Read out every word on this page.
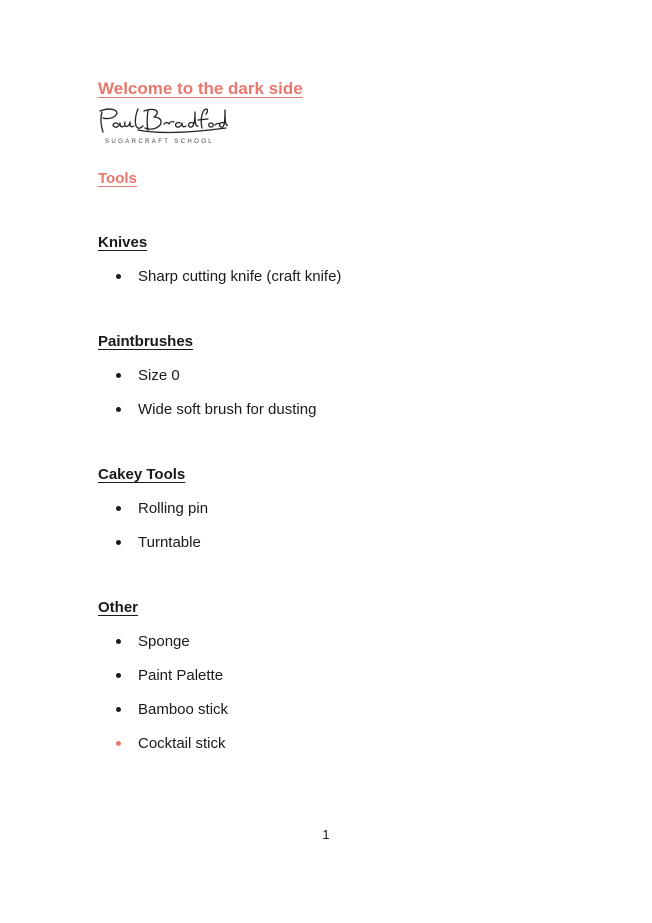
Welcome to the dark side
SUGARCRAFT SCHOOL
Tools
Knives
Sharp cutting knife (craft knife)
Paintbrushes
Size 0
Wide soft brush for dusting
Cakey Tools
Rolling pin
Turntable
Other
Sponge
Paint Palette
Bamboo stick
Cocktail stick
1
